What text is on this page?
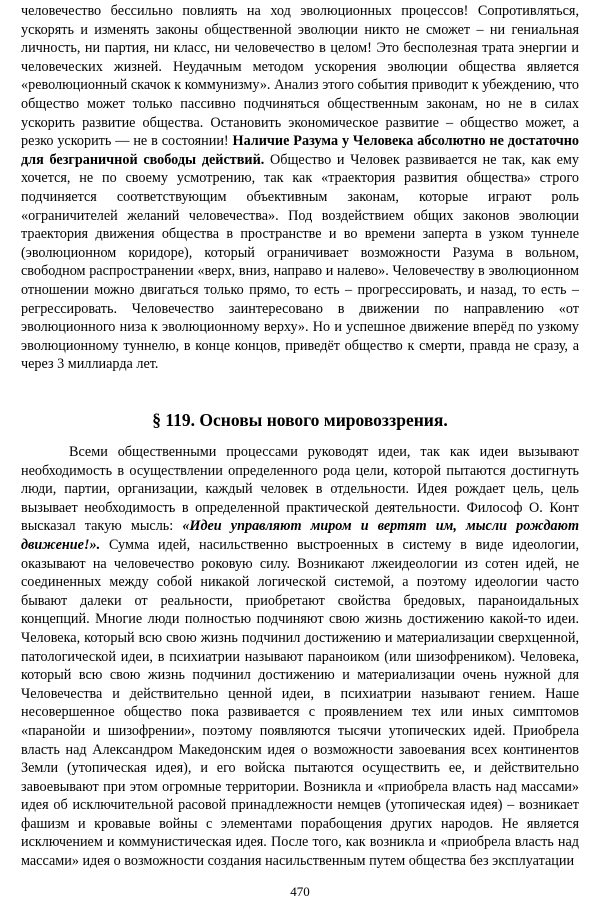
человечество бессильно повлиять на ход эволюционных процессов! Сопротивляться, ускорять и изменять законы общественной эволюции никто не сможет – ни гениальная личность, ни партия, ни класс, ни человечество в целом! Это бесполезная трата энергии и человеческих жизней. Неудачным методом ускорения эволюции общества является «революционный скачок к коммунизму». Анализ этого события приводит к убеждению, что общество может только пассивно подчиняться общественным законам, но не в силах ускорить развитие общества. Остановить экономическое развитие – общество может, а резко ускорить ― не в состоянии! Наличие Разума у Человека абсолютно не достаточно для безграничной свободы действий. Общество и Человек развивается не так, как ему хочется, не по своему усмотрению, так как «траектория развития общества» строго подчиняется соответствующим объективным законам, которые играют роль «ограничителей желаний человечества». Под воздействием общих законов эволюции траектория движения общества в пространстве и во времени заперта в узком туннеле (эволюционном коридоре), который ограничивает возможности Разума в вольном, свободном распространении «верх, вниз, направо и налево». Человечеству в эволюционном отношении можно двигаться только прямо, то есть – прогрессировать, и назад, то есть – регрессировать. Человечество заинтересовано в движении по направлению «от эволюционного низа к эволюционному верху». Но и успешное движение вперёд по узкому эволюционному туннелю, в конце концов, приведёт общество к смерти, правда не сразу, а через 3 миллиарда лет.
§ 119. Основы нового мировоззрения.
Всеми общественными процессами руководят идеи, так как идеи вызывают необходимость в осуществлении определенного рода цели, которой пытаются достигнуть люди, партии, организации, каждый человек в отдельности. Идея рождает цель, цель вызывает необходимость в определенной практической деятельности. Философ О. Конт высказал такую мысль: «Идеи управляют миром и вертят им, мысли рождают движение!». Сумма идей, насильственно выстроенных в систему в виде идеологии, оказывают на человечество роковую силу. Возникают лжеидеологии из сотен идей, не соединенных между собой никакой логической системой, а поэтому идеологии часто бывают далеки от реальности, приобретают свойства бредовых, параноидальных концепций. Многие люди полностью подчиняют свою жизнь достижению какой-то идеи. Человека, который всю свою жизнь подчинил достижению и материализации сверхценной, патологической идеи, в психиатрии называют параноиком (или шизофреником). Человека, который всю свою жизнь подчинил достижению и материализации очень нужной для Человечества и действительно ценной идеи, в психиатрии называют гением. Наше несовершенное общество пока развивается с проявлением тех или иных симптомов «паранойи и шизофрении», поэтому появляются тысячи утопических идей. Приобрела власть над Александром Македонским идея о возможности завоевания всех континентов Земли (утопическая идея), и его войска пытаются осуществить ее, и действительно завоевывают при этом огромные территории. Возникла и «приобрела власть над массами» идея об исключительной расовой принадлежности немцев (утопическая идея) – возникает фашизм и кровавые войны с элементами порабощения других народов. Не является исключением и коммунистическая идея. После того, как возникла и «приобрела власть над массами» идея о возможности создания насильственным путем общества без эксплуатации
470
